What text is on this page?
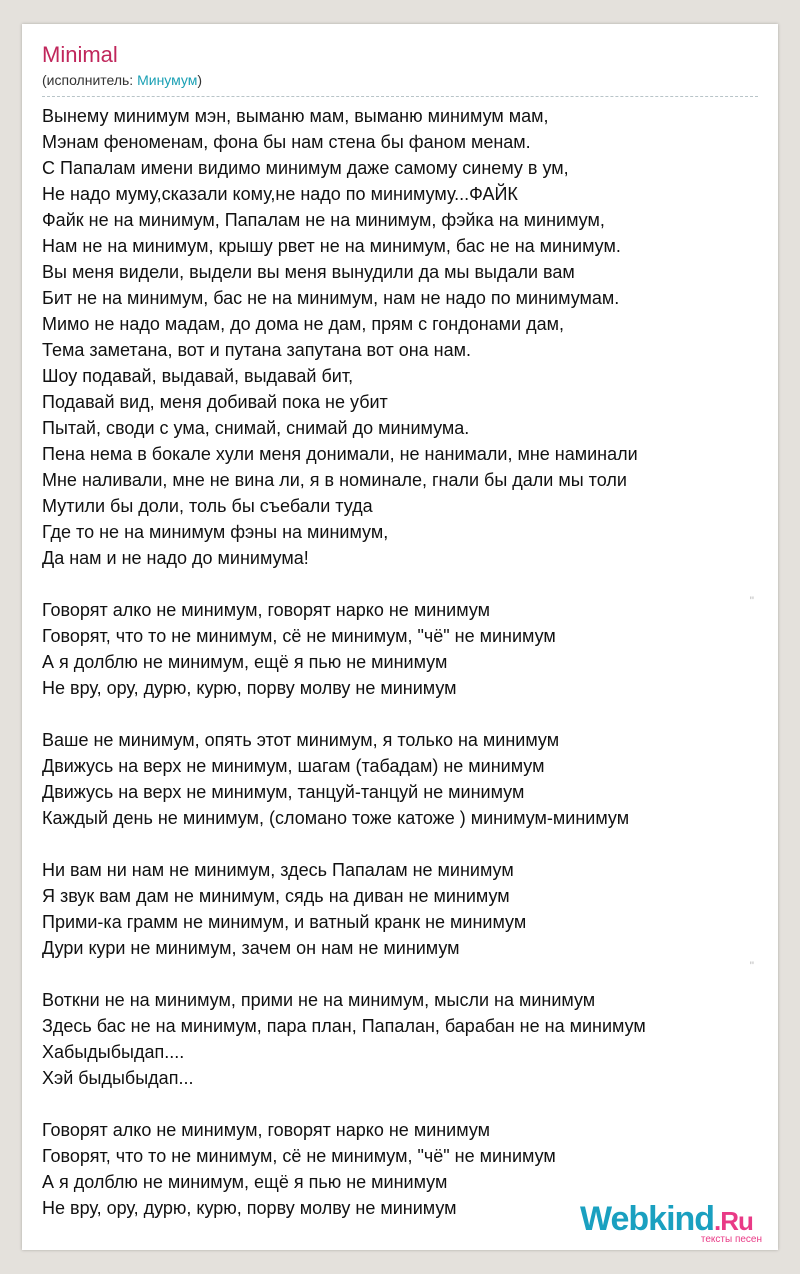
Minimal
(исполнитель: Минумум)
Вынему минимум мэн, выманю мам, выманю минимум мам,
Мэнам феноменам, фона бы нам стена бы фаном менам.
С Папалам имени видимо минимум даже самому синему в ум,
Не надо муму,сказали кому,не надо по минимуму...ФАЙК
Файк не на минимум, Папалам не на минимум, фэйка на минимум,
Нам не на минимум, крышу рвет не на минимум, бас не на минимум.
Вы меня видели, выдели вы меня вынудили да мы выдали вам
Бит не на минимум, бас не на минимум, нам не надо по минимумам.
Мимо не надо мадам, до дома не дам, прям с гондонами дам,
Тема заметана, вот и путана запутана вот она нам.
Шоу подавай, выдавай, выдавай бит,
Подавай вид, меня добивай пока не убит
Пытай, своди с ума, снимай, снимай до минимума.
Пена нема в бокале хули меня донимали, не нанимали, мне наминали
Мне наливали, мне не вина ли, я в номинале, гнали бы дали мы толи
Мутили бы доли, толь бы съебали туда
Где то не на минимум фэны на минимум,
Да нам и не надо до минимума!
Говорят алко не минимум, говорят нарко не минимум
Говорят, что то не минимум, сё не минимум, "чё" не минимум
А я долблю не минимум, ещё я пью не минимум
Не вру, ору, дурю, курю, порву молву не минимум
Ваше не минимум, опять этот минимум, я только на минимум
Движусь на верх не минимум, шагам (табадам) не минимум
Движусь на верх не минимум, танцуй-танцуй не минимум
Каждый день не минимум, (сломано тоже катоже ) минимум-минимум
Ни вам ни нам не минимум, здесь Папалам не минимум
Я звук вам дам не минимум, сядь на диван не минимум
Прими-ка грамм не минимум, и ватный кранк не минимум
Дури кури не минимум, зачем он нам не минимум
Воткни не на минимум, прими не на минимум, мысли на минимум
Здесь бас не на минимум, пара план, Папалан, барабан не на минимум
Хабыдыбыдап....
Хэй быдыбыдап...
Говорят алко не минимум, говорят нарко не минимум
Говорят, что то не минимум, сё не минимум, "чё" не минимум
А я долблю не минимум, ещё я пью не минимум
Не вру, ору, дурю, курю, порву молву не минимум
"
"
Webkind.Ru
тексты песен
